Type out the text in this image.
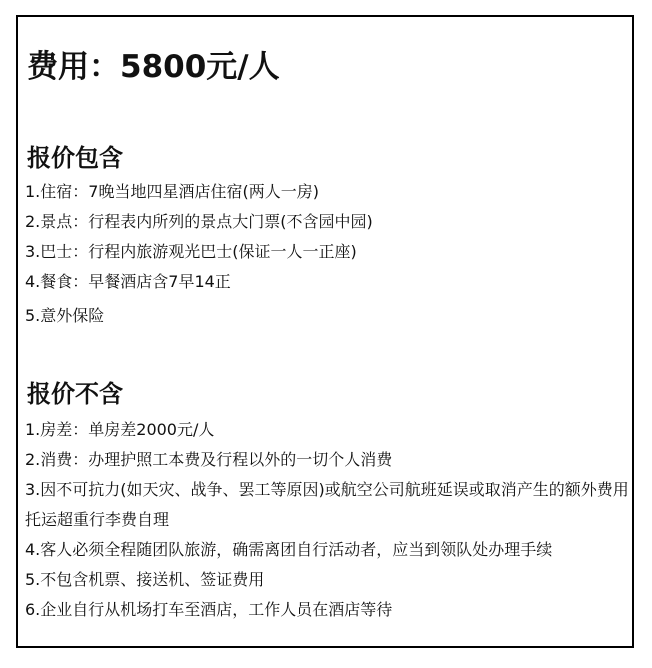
费用：5800元/人
报价包含
1.住宿：7晚当地四星酒店住宿(两人一房)
2.景点：行程表内所列的景点大门票(不含园中园)
3.巴士：行程内旅游观光巴士(保证一人一正座)
4.餐食：早餐酒店含7早14正
5.意外保险
报价不含
1.房差：单房差2000元/人
2.消费：办理护照工本费及行程以外的一切个人消费
3.因不可抗力(如天灾、战争、罢工等原因)或航空公司航班延误或取消产生的额外费用托运超重行李费自理
4.客人必须全程随团队旅游，确需离团自行活动者，应当到领队处办理手续
5.不包含机票、接送机、签证费用
6.企业自行从机场打车至酒店，工作人员在酒店等待
